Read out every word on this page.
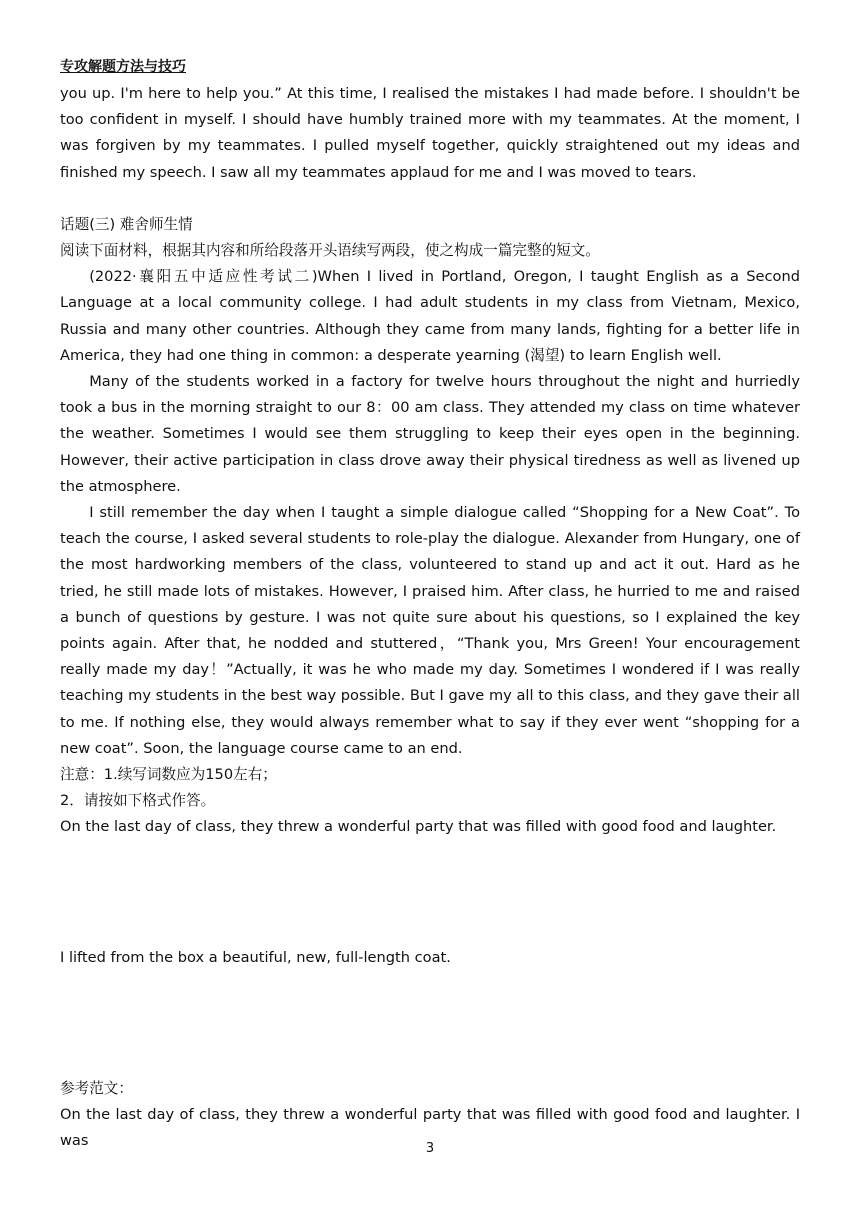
专攻解题方法与技巧

you up. I'm here to help you.” At this time, I realised the mistakes I had made before. I shouldn't be too confident in myself. I should have humbly trained more with my teammates. At the moment, I was forgiven by my teammates. I pulled myself together, quickly straightened out my ideas and finished my speech. I saw all my teammates applaud for me and I was moved to tears.

话题(三) 难舍师生情

阅读下面材料，根据其内容和所给段落开头语续写两段，使之构成一篇完整的短文。

(2022·襄阳五中适应性考试二)When I lived in Portland, Oregon, I taught English as a Second Language at a local community college. I had adult students in my class from Vietnam, Mexico, Russia and many other countries. Although they came from many lands, fighting for a better life in America, they had one thing in common: a desperate yearning (渴望) to learn English well.

Many of the students worked in a factory for twelve hours throughout the night and hurriedly took a bus in the morning straight to our 8：00 am class. They attended my class on time whatever the weather. Sometimes I would see them struggling to keep their eyes open in the beginning. However, their active participation in class drove away their physical tiredness as well as livened up the atmosphere.

I still remember the day when I taught a simple dialogue called “Shopping for a New Coat”. To teach the course, I asked several students to role-play the dialogue. Alexander from Hungary, one of the most hardworking members of the class, volunteered to stand up and act it out. Hard as he tried, he still made lots of mistakes. However, I praised him. After class, he hurried to me and raised a bunch of questions by gesture. I was not quite sure about his questions, so I explained the key points again. After that, he nodded and stuttered，“Thank you, Mrs Green! Your encouragement really made my day！”Actually, it was he who made my day. Sometimes I wondered if I was really teaching my students in the best way possible. But I gave my all to this class, and they gave their all to me. If nothing else, they would always remember what to say if they ever went “shopping for a new coat”. Soon, the language course came to an end.

注意：1.续写词数应为150左右；

2．请按如下格式作答。

On the last day of class, they threw a wonderful party that was filled with good food and laughter.

I lifted from the box a beautiful, new, full-length coat.

参考范文：

On the last day of class, they threw a wonderful party that was filled with good food and laughter. I was	3
